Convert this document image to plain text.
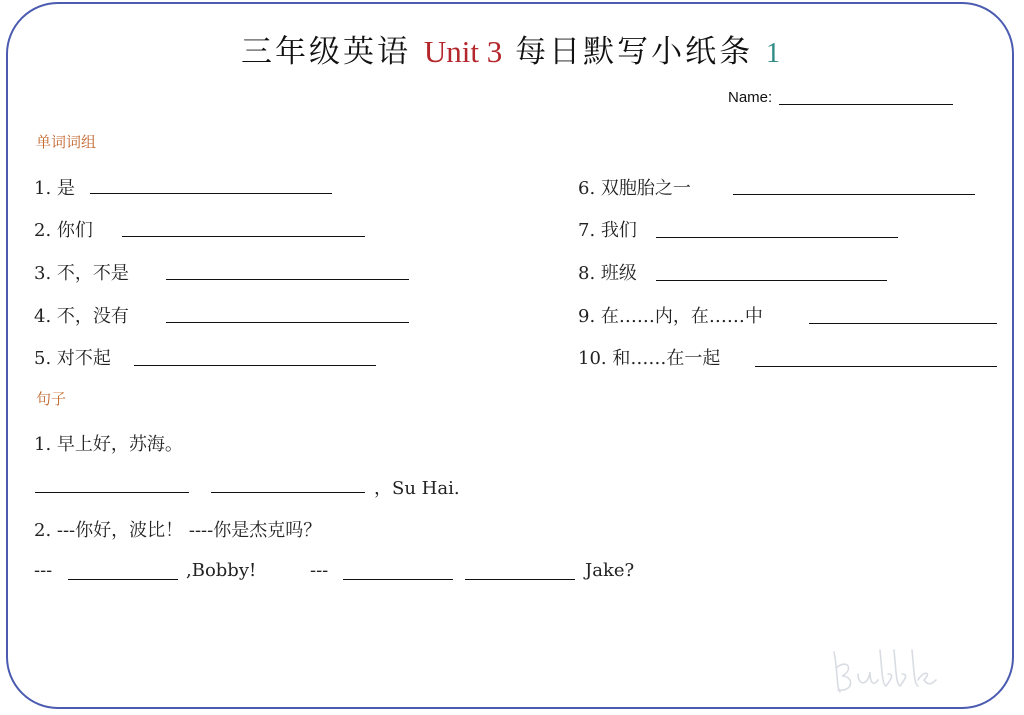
三年级英语 Unit 3 每日默写小纸条 1
Name:
单词词组
1. 是
2. 你们
3. 不，不是
4. 不，没有
5. 对不起
6. 双胞胎之一
7. 我们
8. 班级
9. 在……内，在……中
10. 和……在一起
句子
1. 早上好，苏海。
，Su Hai.
2. ---你好，波比！ ----你是杰克吗？
---	,Bobby!	---	Jake?
